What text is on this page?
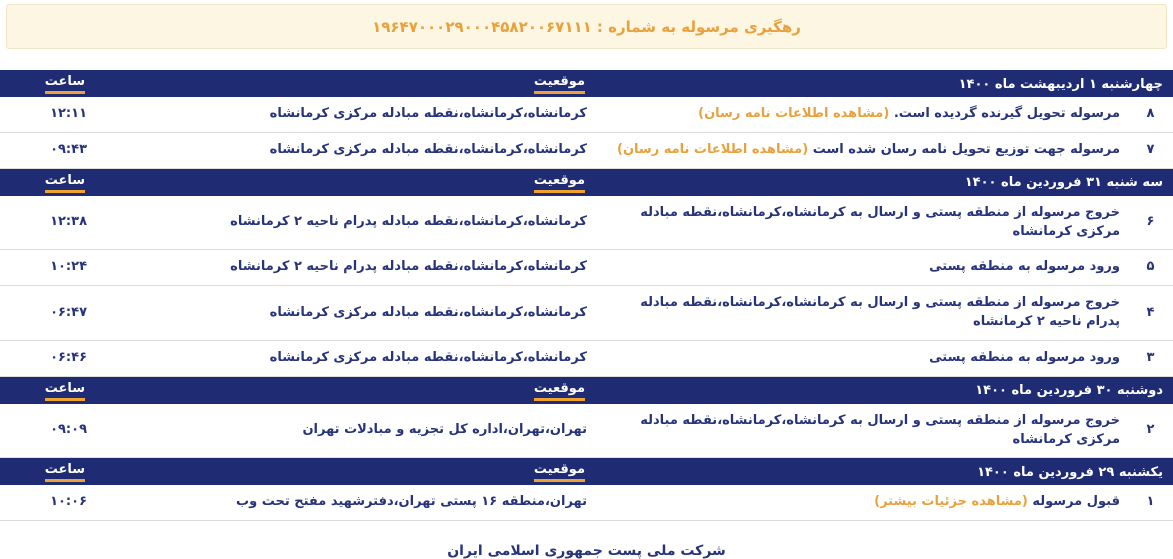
رهگیری مرسوله به شماره : ۱۹۶۴۷۰۰۰۲۹۰۰۰۴۵۸۲۰۰۶۷۱۱۱
چهارشنبه ۱ اردیبهشت ماه ۱۴۰۰		موقعیت	ساعت
۸	مرسوله تحویل گیرنده گردیده است. (مشاهده اطلاعات نامه رسان)	کرمانشاه،کرمانشاه،نقطه مبادله مرکزی کرمانشاه	۱۲:۱۱
۷	مرسوله جهت توزیع تحویل نامه رسان شده است (مشاهده اطلاعات نامه رسان)	کرمانشاه،کرمانشاه،نقطه مبادله مرکزی کرمانشاه	۰۹:۴۳
سه شنبه ۳۱ فروردین ماه ۱۴۰۰		موقعیت	ساعت
۶	خروج مرسوله از منطقه پستی و ارسال به کرمانشاه،کرمانشاه،نقطه مبادله مرکزی کرمانشاه	کرمانشاه،کرمانشاه،نقطه مبادله پدرام ناحیه ۲ کرمانشاه	۱۲:۳۸
۵	ورود مرسوله به منطقه پستی	کرمانشاه،کرمانشاه،نقطه مبادله پدرام ناحیه ۲ کرمانشاه	۱۰:۲۴
۴	خروج مرسوله از منطقه پستی و ارسال به کرمانشاه،کرمانشاه،نقطه مبادله پدرام ناحیه ۲ کرمانشاه	کرمانشاه،کرمانشاه،نقطه مبادله مرکزی کرمانشاه	۰۶:۴۷
۳	ورود مرسوله به منطقه پستی	کرمانشاه،کرمانشاه،نقطه مبادله مرکزی کرمانشاه	۰۶:۴۶
دوشنبه ۳۰ فروردین ماه ۱۴۰۰		موقعیت	ساعت
۲	خروج مرسوله از منطقه پستی و ارسال به کرمانشاه،کرمانشاه،نقطه مبادله مرکزی کرمانشاه	تهران،تهران،اداره کل تجزیه و مبادلات تهران	۰۹:۰۹
یکشنبه ۲۹ فروردین ماه ۱۴۰۰		موقعیت	ساعت
۱	قبول مرسوله (مشاهده جزئیات بیشتر)	تهران،منطقه ۱۶ پستی تهران،دفترشهید مفتح تحت وب	۱۰:۰۶
شرکت ملی پست جمهوری اسلامی ایران
